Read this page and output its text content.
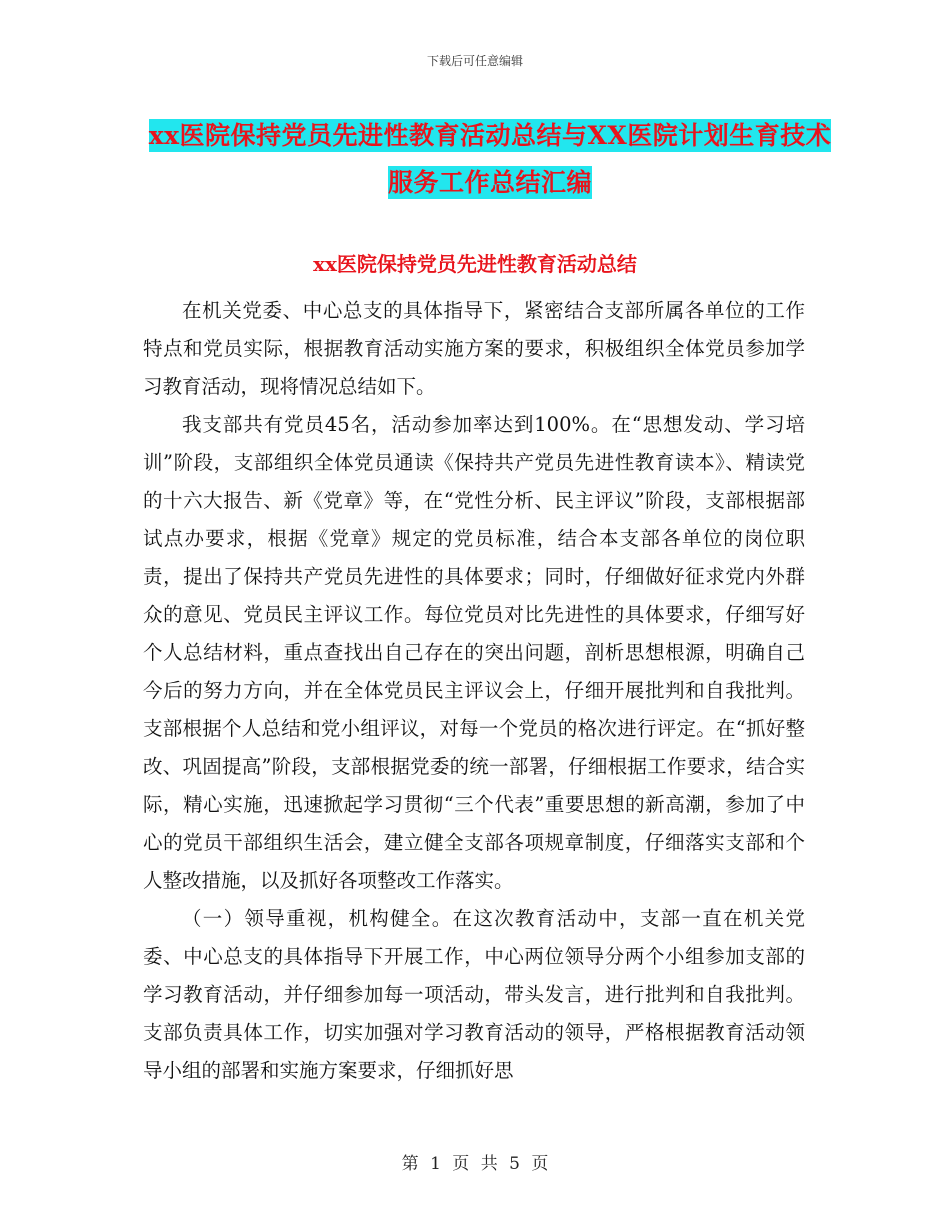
下载后可任意编辑
xx医院保持党员先进性教育活动总结与XX医院计划生育技术服务工作总结汇编
xx医院保持党员先进性教育活动总结

在机关党委、中心总支的具体指导下，紧密结合支部所属各单位的工作特点和党员实际，根据教育活动实施方案的要求，积极组织全体党员参加学习教育活动，现将情况总结如下。

我支部共有党员45名，活动参加率达到100%。在“思想发动、学习培训”阶段，支部组织全体党员通读《保持共产党员先进性教育读本》、精读党的十六大报告、新《党章》等，在“党性分析、民主评议”阶段，支部根据部试点办要求，根据《党章》规定的党员标准，结合本支部各单位的岗位职责，提出了保持共产党员先进性的具体要求；同时，仔细做好征求党内外群众的意见、党员民主评议工作。每位党员对比先进性的具体要求，仔细写好个人总结材料，重点查找出自己存在的突出问题，剖析思想根源，明确自己今后的努力方向，并在全体党员民主评议会上，仔细开展批判和自我批判。支部根据个人总结和党小组评议，对每一个党员的格次进行评定。在“抓好整改、巩固提高”阶段，支部根据党委的统一部署，仔细根据工作要求，结合实际，精心实施，迅速掀起学习贯彻“三个代表”重要思想的新高潮，参加了中心的党员干部组织生活会，建立健全支部各项规章制度，仔细落实支部和个人整改措施，以及抓好各项整改工作落实。

（一）领导重视，机构健全。在这次教育活动中，支部一直在机关党委、中心总支的具体指导下开展工作，中心两位领导分两个小组参加支部的学习教育活动，并仔细参加每一项活动，带头发言，进行批判和自我批判。支部负责具体工作，切实加强对学习教育活动的领导，严格根据教育活动领导小组的部署和实施方案要求，仔细抓好思

第 1 页 共 5 页
